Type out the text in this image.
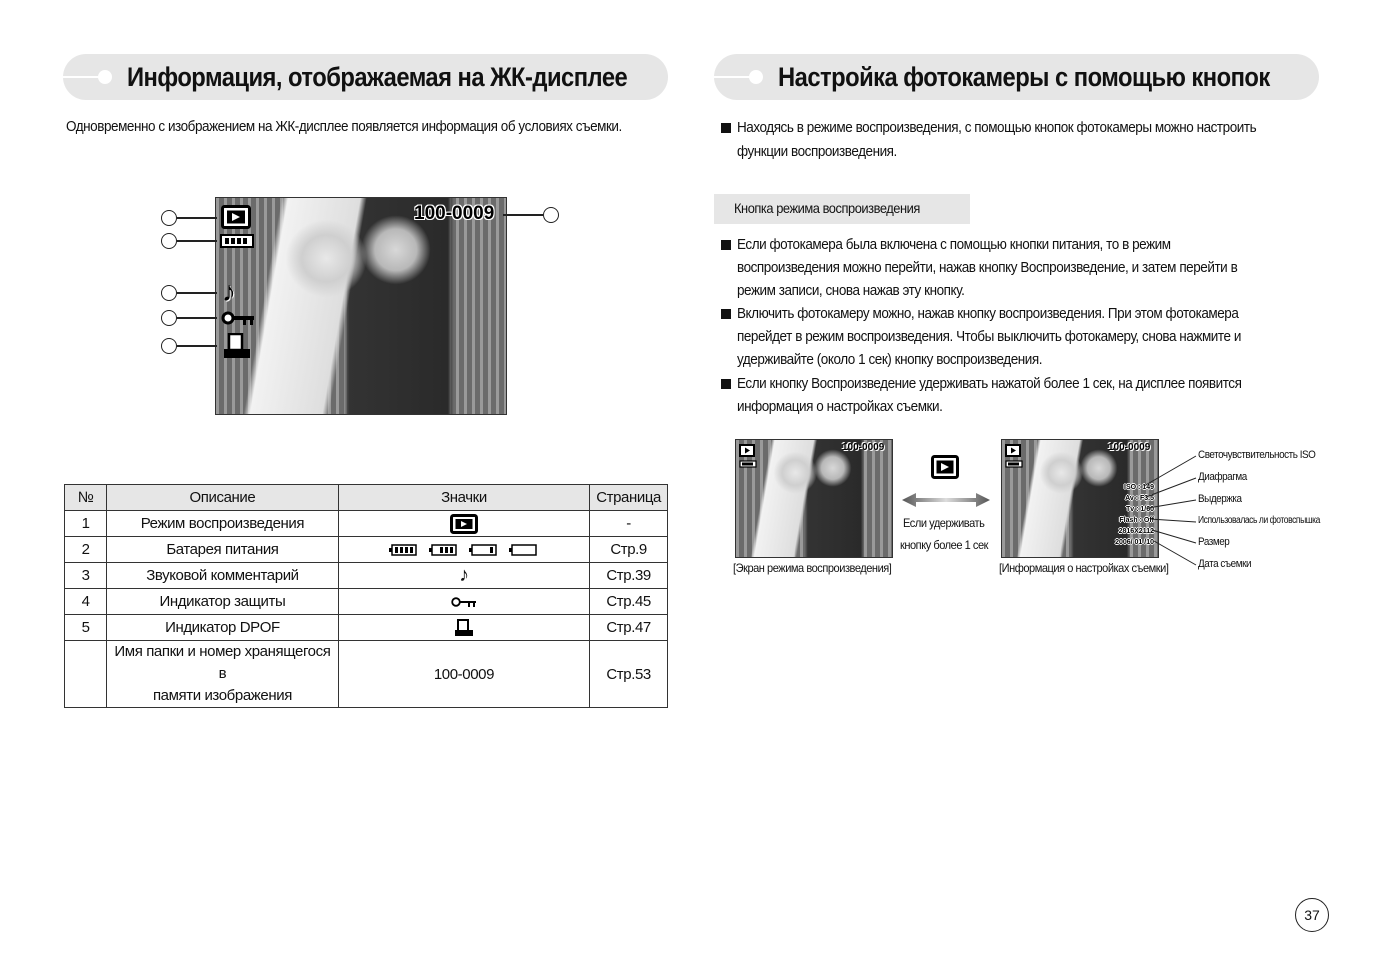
Информация, отображаемая на ЖК-дисплее
Одновременно с изображением на ЖК-дисплее появляется информация об условиях съемки.
100-0009
♪
№	Описание	Значки	Страница
1	Режим воспроизведения		-
2	Батарея питания		Стр.9
3	Звуковой комментарий	♪	Стр.39
4	Индикатор защиты		Стр.45
5	Индикатор DPOF		Стр.47
	Имя папки и номер хранящегося в
памяти изображения	100-0009	Стр.53
Настройка фотокамеры с помощью кнопок
Находясь в режиме воспроизведения, с помощью кнопок фотокамеры можно настроить
функции воспроизведения.
Кнопка режима воспроизведения
Если фотокамера была включена с помощью кнопки питания, то в режим
воспроизведения можно перейти, нажав кнопку Воспроизведение, и затем перейти в
режим записи, снова нажав эту кнопку.
Включить фотокамеру можно, нажав кнопку воспроизведения. При этом фотокамера
перейдет в режим воспроизведения. Чтобы выключить фотокамеру, снова нажмите и
удерживайте (около 1 сек) кнопку воспроизведения.
Если кнопку Воспроизведение удерживать нажатой более 1 сек, на дисплее появится
информация о настройках съемки.
100-0009
[Экран режима воспроизведения]
Если удерживать
кнопку более 1 сек
100-0009
ISO : 149
Av : F3.5
Tv : 1/60
Flash : Off
2816X2112
2006/ 01 /10
[Информация о настройках съемки]
Светочувствительность ISO
Диафрагма
Выдержка
Использовалась ли фотовспышка
Размер
Дата съемки
37
